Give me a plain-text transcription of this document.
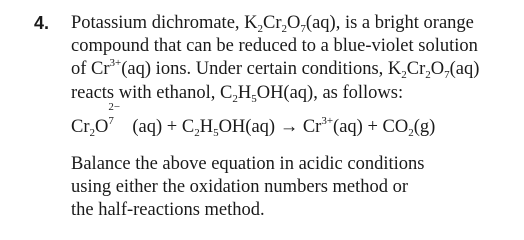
4. Potassium dichromate, $K_2Cr_2O_7(aq)$, is a bright orange
compound that can be reduced to a blue-violet solution
of $Cr^{3+}(aq)$ ions. Under certain conditions, $K_2Cr_2O_7(aq)$
reacts with ethanol, $C_2H_5OH(aq)$, as follows:
$Cr_2O$
2−
7 $(aq) + C_2H_5OH(aq) \to Cr^{3+}(aq) + CO_2(g)$
Balance the above equation in acidic conditions
using either the oxidation numbers method or
the half-reactions method.
